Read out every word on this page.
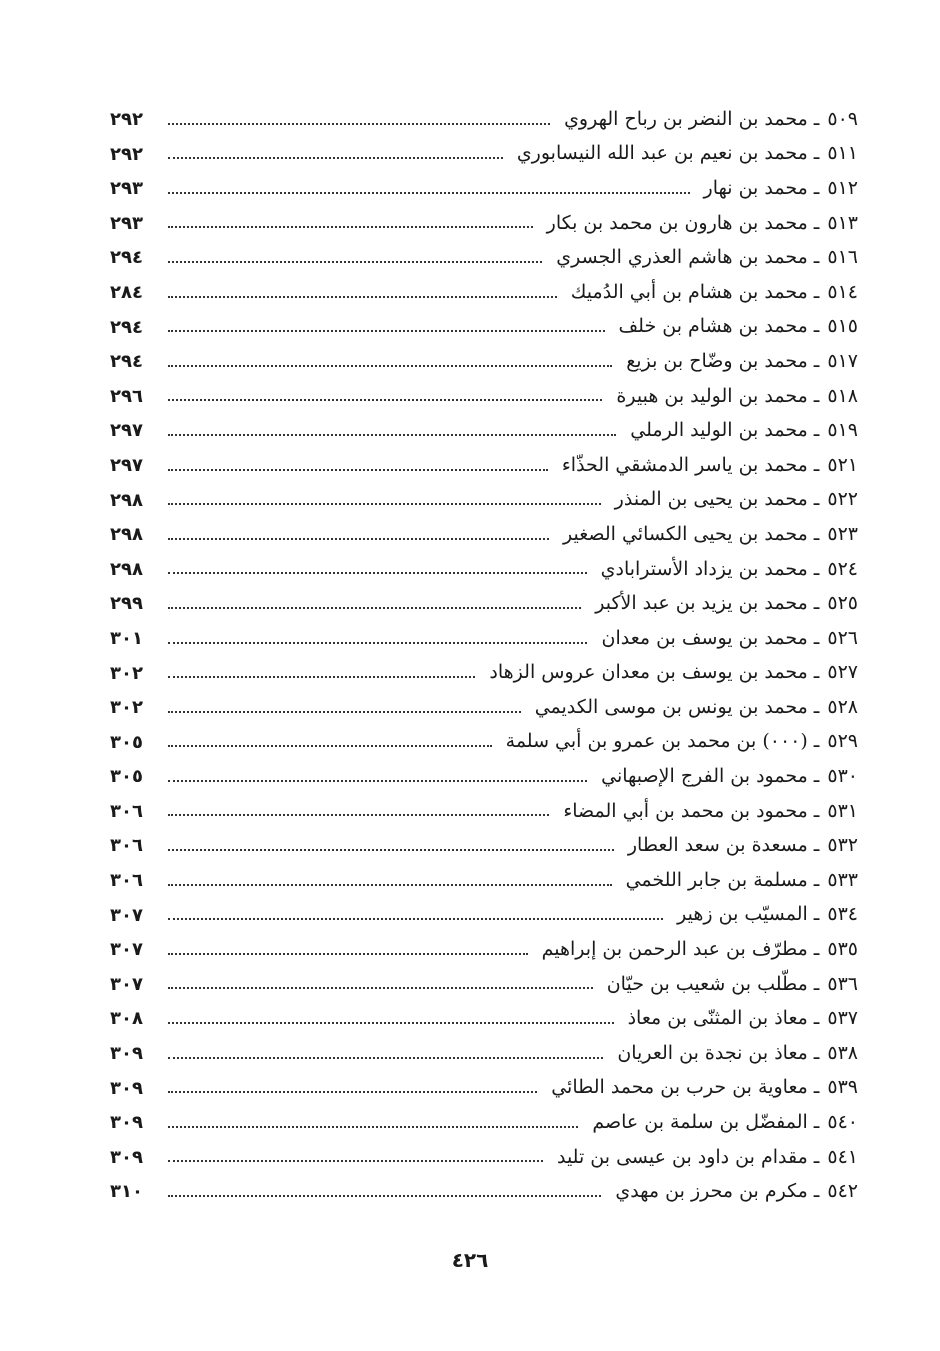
٥٠٩
ـ
محمد بن النضر بن رباح الهروي
٢٩٢
٥١١
ـ
محمد بن نعيم بن عبد الله النيسابوري
٢٩٢
٥١٢
ـ
محمد بن نهار
٢٩٣
٥١٣
ـ
محمد بن هارون بن محمد بن بكار
٢٩٣
٥١٦
ـ
محمد بن هاشم العذري الجسري
٢٩٤
٥١٤
ـ
محمد بن هشام بن أبي الدُميك
٢٨٤
٥١٥
ـ
محمد بن هشام بن خلف
٢٩٤
٥١٧
ـ
محمد بن وضّاح بن بزيع
٢٩٤
٥١٨
ـ
محمد بن الوليد بن هبيرة
٢٩٦
٥١٩
ـ
محمد بن الوليد الرملي
٢٩٧
٥٢١
ـ
محمد بن ياسر الدمشقي الحذّاء
٢٩٧
٥٢٢
ـ
محمد بن يحيى بن المنذر
٢٩٨
٥٢٣
ـ
محمد بن يحيى الكسائي الصغير
٢٩٨
٥٢٤
ـ
محمد بن يزداد الأسترابادي
٢٩٨
٥٢٥
ـ
محمد بن يزيد بن عبد الأكبر
٢٩٩
٥٢٦
ـ
محمد بن يوسف بن معدان
٣٠١
٥٢٧
ـ
محمد بن يوسف بن معدان عروس الزهاد
٣٠٢
٥٢٨
ـ
محمد بن يونس بن موسى الكديمي
٣٠٢
٥٢٩
ـ
(٠٠٠) بن محمد بن عمرو بن أبي سلمة
٣٠٥
٥٣٠
ـ
محمود بن الفرج الإصبهاني
٣٠٥
٥٣١
ـ
محمود بن محمد بن أبي المضاء
٣٠٦
٥٣٢
ـ
مسعدة بن سعد العطار
٣٠٦
٥٣٣
ـ
مسلمة بن جابر اللخمي
٣٠٦
٥٣٤
ـ
المسيّب بن زهير
٣٠٧
٥٣٥
ـ
مطرّف بن عبد الرحمن بن إبراهيم
٣٠٧
٥٣٦
ـ
مطّلب بن شعيب بن حيّان
٣٠٧
٥٣٧
ـ
معاذ بن المثنّى بن معاذ
٣٠٨
٥٣٨
ـ
معاذ بن نجدة بن العريان
٣٠٩
٥٣٩
ـ
معاوية بن حرب بن محمد الطائي
٣٠٩
٥٤٠
ـ
المفضّل بن سلمة بن عاصم
٣٠٩
٥٤١
ـ
مقدام بن داود بن عيسى بن تليد
٣٠٩
٥٤٢
ـ
مكرم بن محرز بن مهدي
٣١٠
٤٢٦
